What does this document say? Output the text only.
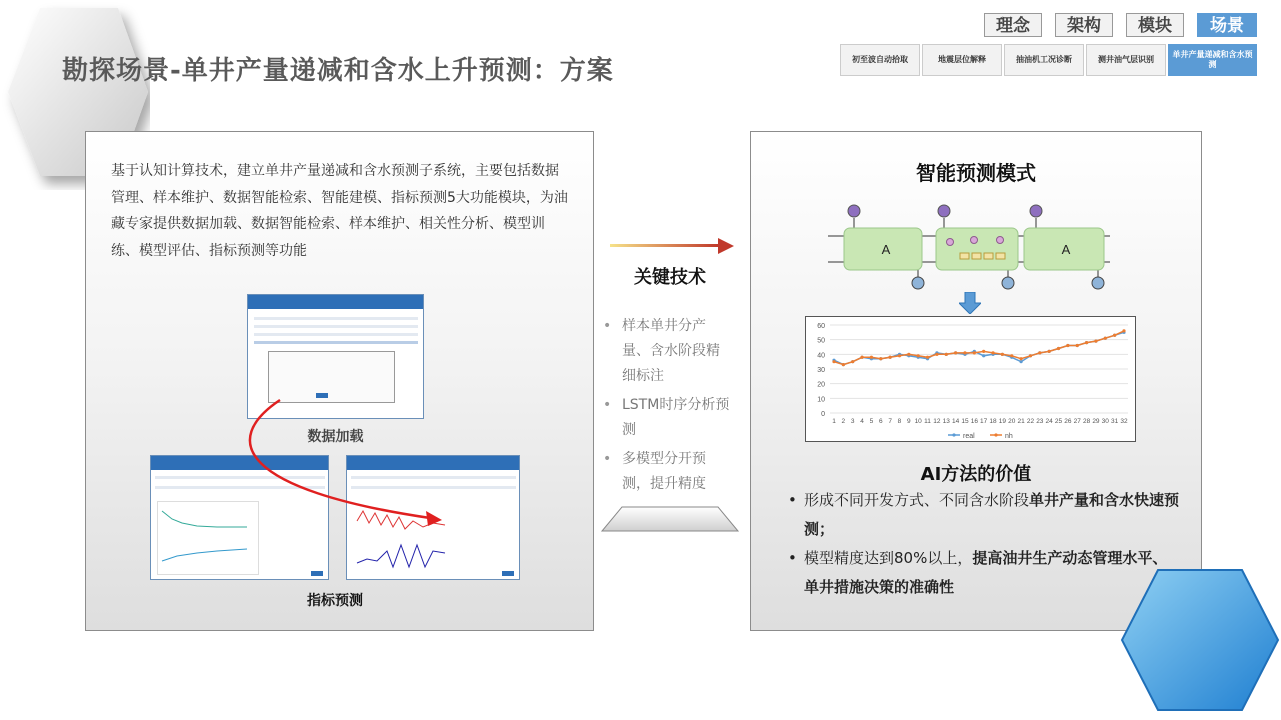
勘探场景-单井产量递减和含水上升预测：方案
理念	架构	模块	场景
初至波自动拾取	地震层位解释	抽油机工况诊断	测井油气层识别
单井产量递减和含水预测
基于认知计算技术，建立单井产量递减和含水预测子系统，主要包括数据管理、样本维护、数据智能检索、智能建模、指标预测5大功能模块，为油藏专家提供数据加载、数据智能检索、样本维护、相关性分析、模型训练、模型评估、指标预测等功能
数据加载
指标预测
关键技术
• 样本单井分产量、含水阶段精细标注
• LSTM时序分析预测
• 多模型分开预测，提升精度
智能预测模式
A	A
0
10
20
30
40
50
60
1 2 3 4 5 6 7 8 9 10 11 12 13 14 15 16 17 18 19 20 21 22 23 24 25 26 27 28 29 30 31 32
real	nh
AI方法的价值
• 形成不同开发方式、不同含水阶段单井产量和含水快速预测；
• 模型精度达到80%以上，提高油井生产动态管理水平、单井措施决策的准确性
